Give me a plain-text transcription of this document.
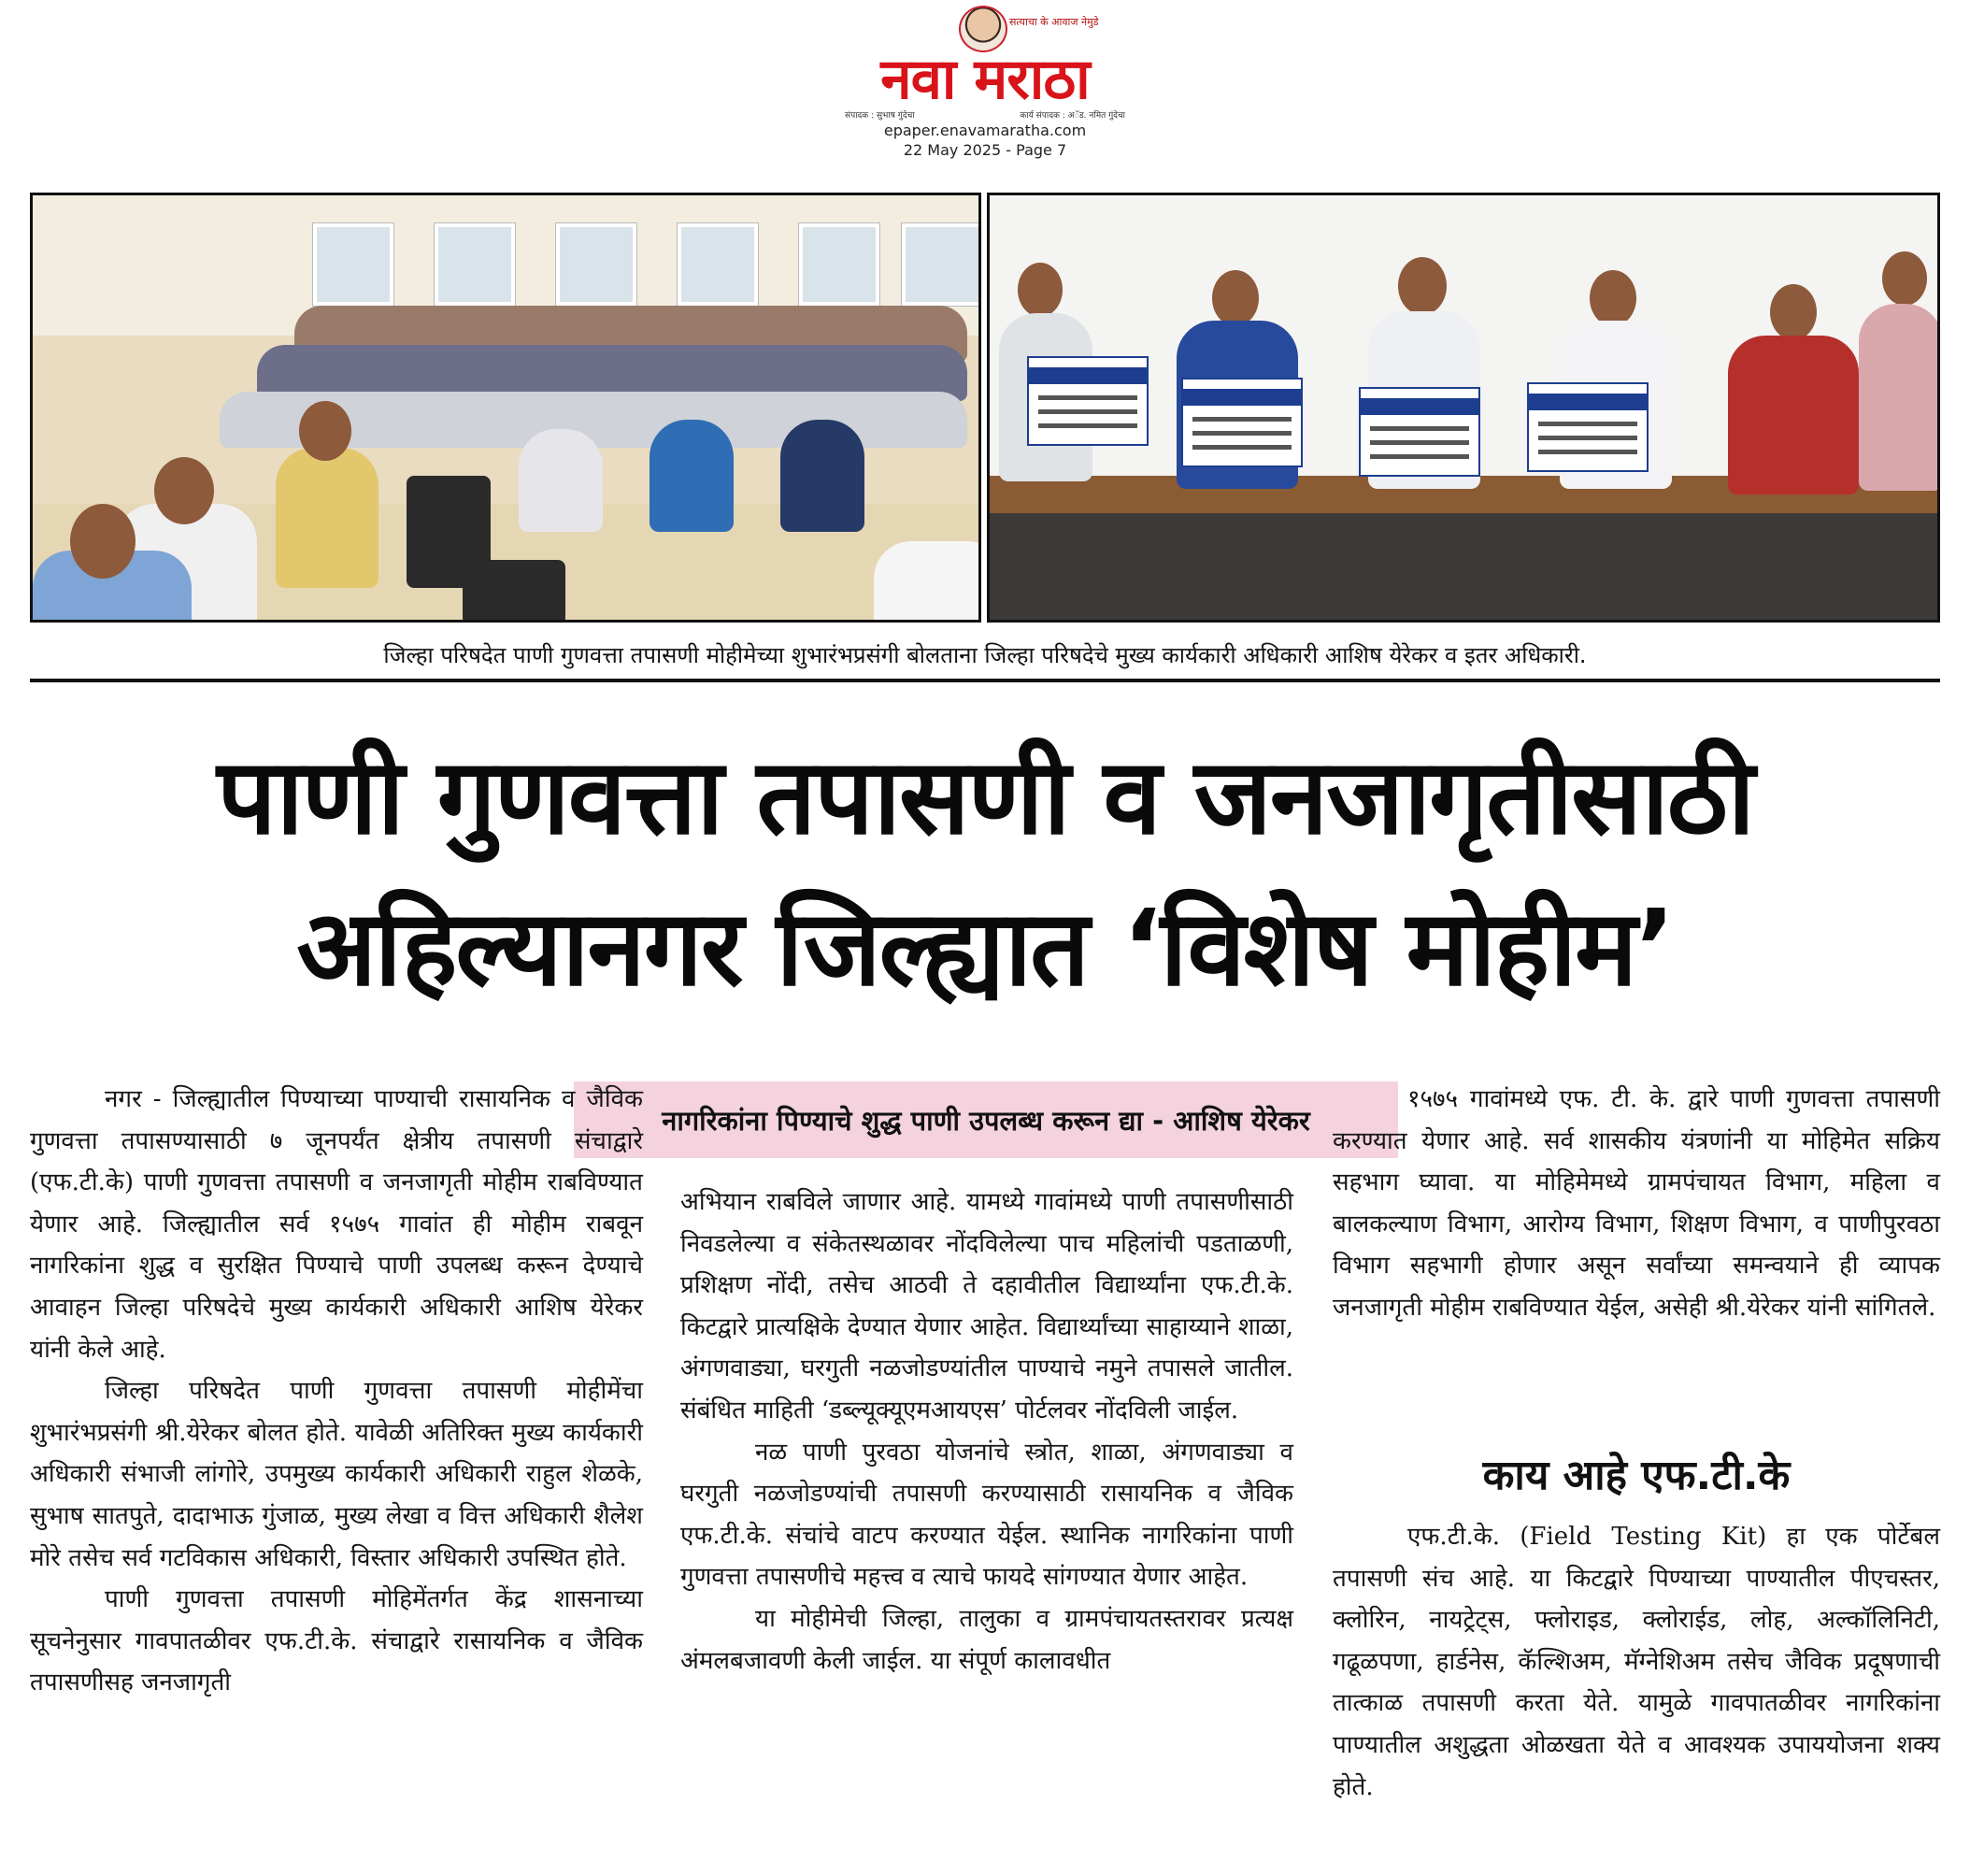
सत्याचा के आवाज नेमुडे
नवा मराठा
संपादक : सुभाष गुंदेचा	कार्य संपादक : अॅड. नमित गुंदेचा
epaper.enavamaratha.com
22 May 2025 - Page 7
जिल्हा परिषदेत पाणी गुणवत्ता तपासणी मोहीमेच्या शुभारंभप्रसंगी बोलताना जिल्हा परिषदेचे मुख्य कार्यकारी अधिकारी आशिष येरेकर व इतर अधिकारी.
पाणी गुणवत्ता तपासणी व जनजागृतीसाठी
अहिल्यानगर जिल्ह्यात ‘विशेष मोहीम’
नागरिकांना पिण्याचे शुद्ध पाणी उपलब्ध करून द्या - आशिष येरेकर

नगर - जिल्ह्यातील पिण्याच्या पाण्याची रासायनिक व जैविक गुणवत्ता तपासण्यासाठी ७ जूनपर्यंत क्षेत्रीय तपासणी संचाद्वारे (एफ.टी.के) पाणी गुणवत्ता तपासणी व जनजागृती मोहीम राबविण्यात येणार आहे. जिल्ह्यातील सर्व १५७५ गावांत ही मोहीम राबवून नागरिकांना शुद्ध व सुरक्षित पिण्याचे पाणी उपलब्ध करून देण्याचे आवाहन जिल्हा परिषदेचे मुख्य कार्यकारी अधिकारी आशिष येरेकर यांनी केले आहे.

जिल्हा परिषदेत पाणी गुणवत्ता तपासणी मोहीमेंचा शुभारंभप्रसंगी श्री.येरेकर बोलत होते. यावेळी अतिरिक्त मुख्य कार्यकारी अधिकारी संभाजी लांगोरे, उपमुख्य कार्यकारी अधिकारी राहुल शेळके, सुभाष सातपुते, दादाभाऊ गुंजाळ, मुख्य लेखा व वित्त अधिकारी शैलेश मोरे तसेच सर्व गटविकास अधिकारी, विस्तार अधिकारी उपस्थित होते.

पाणी गुणवत्ता तपासणी मोहिमेंतर्गत केंद्र शासनाच्या सूचनेनुसार गावपातळीवर एफ.टी.के. संचाद्वारे रासायनिक व जैविक तपासणीसह जनजागृती

अभियान राबविले जाणार आहे. यामध्ये गावांमध्ये पाणी तपासणीसाठी निवडलेल्या व संकेतस्थळावर नोंदविलेल्या पाच महिलांची पडताळणी, प्रशिक्षण नोंदी, तसेच आठवी ते दहावीतील विद्यार्थ्यांना एफ.टी.के. किटद्वारे प्रात्यक्षिके देण्यात येणार आहेत. विद्यार्थ्यांच्या साहाय्याने शाळा, अंगणवाड्या, घरगुती नळजोडण्यांतील पाण्याचे नमुने तपासले जातील. संबंधित माहिती ‘डब्ल्यूक्यूएमआयएस’ पोर्टलवर नोंदविली जाईल.

नळ पाणी पुरवठा योजनांचे स्त्रोत, शाळा, अंगणवाड्या व घरगुती नळजोडण्यांची तपासणी करण्यासाठी रासायनिक व जैविक एफ.टी.के. संचांचे वाटप करण्यात येईल. स्थानिक नागरिकांना पाणी गुणवत्ता तपासणीचे महत्त्व व त्याचे फायदे सांगण्यात येणार आहेत.

या मोहीमेची जिल्हा, तालुका व ग्रामपंचायतस्तरावर प्रत्यक्ष अंमलबजावणी केली जाईल. या संपूर्ण कालावधीत

१५७५ गावांमध्ये एफ. टी. के. द्वारे पाणी गुणवत्ता तपासणी करण्यात येणार आहे. सर्व शासकीय यंत्रणांनी या मोहिमेत सक्रिय सहभाग घ्यावा. या मोहिमेमध्ये ग्रामपंचायत विभाग, महिला व बालकल्याण विभाग, आरोग्य विभाग, शिक्षण विभाग, व पाणीपुरवठा विभाग सहभागी होणार असून सर्वांच्या समन्वयाने ही व्यापक जनजागृती मोहीम राबविण्यात येईल, असेही श्री.येरेकर यांनी सांगितले.

काय आहे एफ.टी.के

एफ.टी.के. (Field Testing Kit) हा एक पोर्टेबल तपासणी संच आहे. या किटद्वारे पिण्याच्या पाण्यातील पीएचस्तर, क्लोरिन, नायट्रेट्स, फ्लोराइड, क्लोराईड, लोह, अल्कॉलिनिटी, गढूळपणा, हार्डनेस, कॅल्शिअम, मॅग्नेशिअम तसेच जैविक प्रदूषणाची तात्काळ तपासणी करता येते. यामुळे गावपातळीवर नागरिकांना पाण्यातील अशुद्धता ओळखता येते व आवश्यक उपाययोजना शक्य होते.
